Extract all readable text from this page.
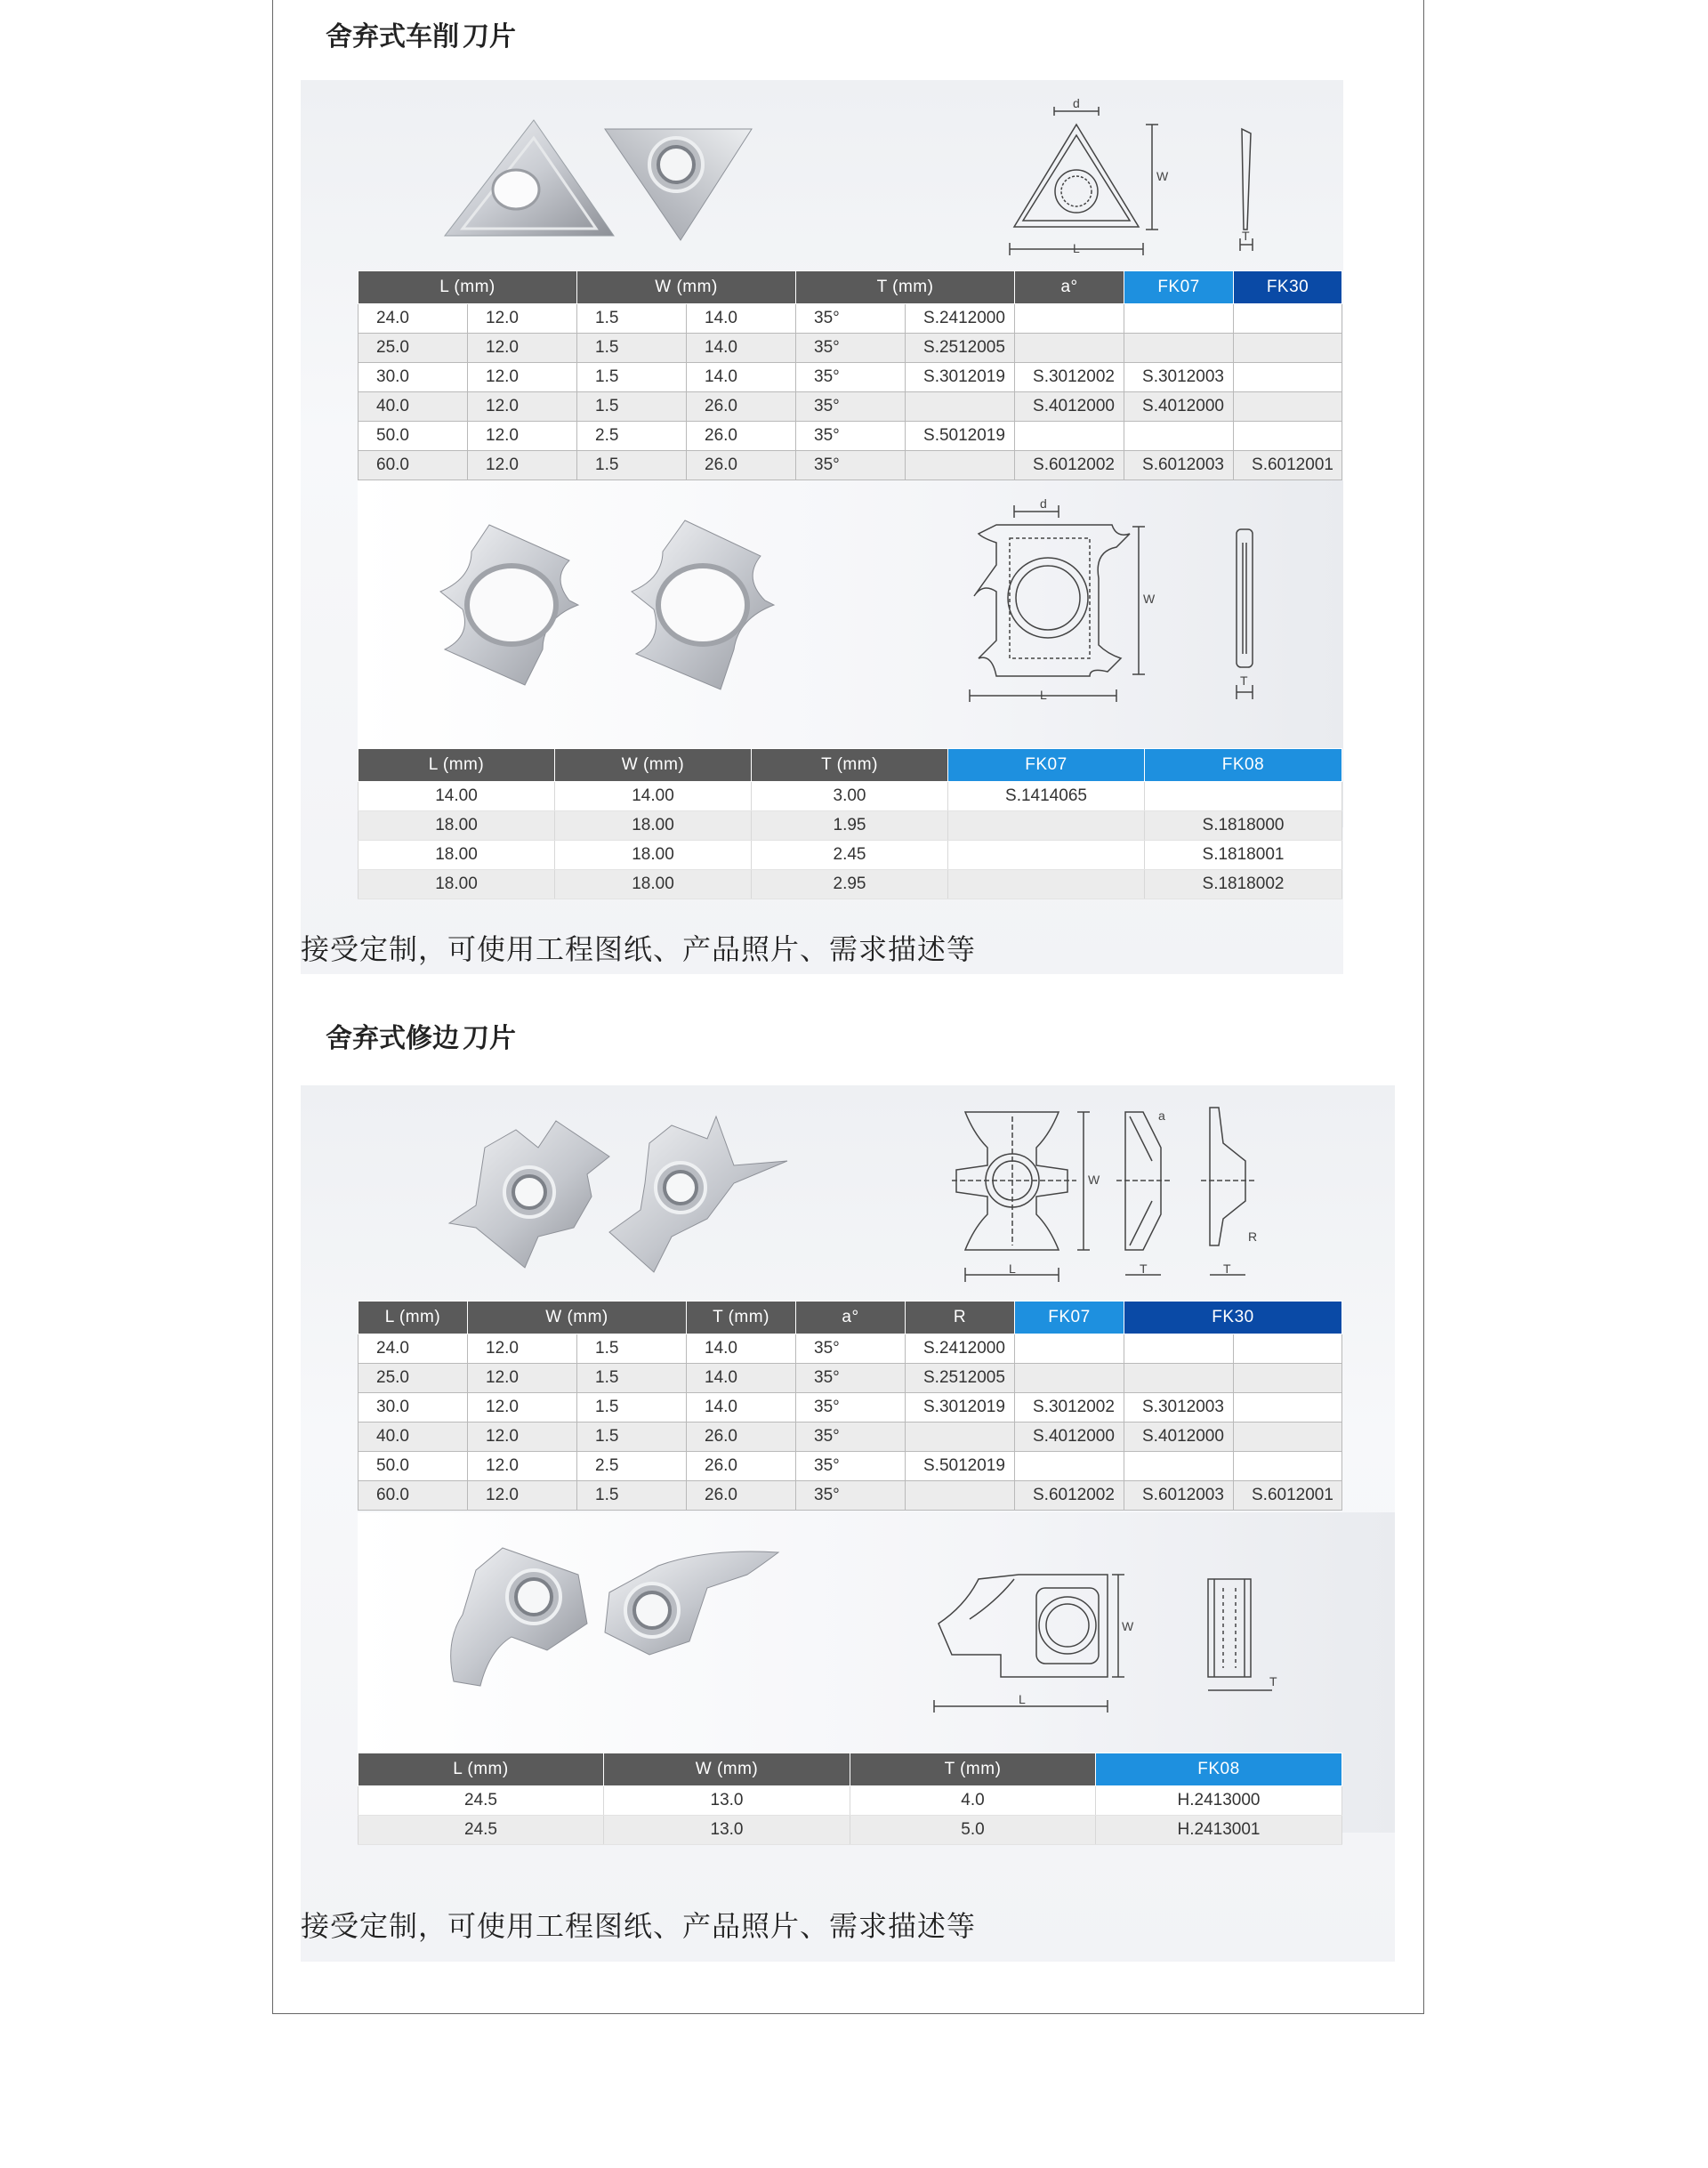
舍弃式车削 刀片
d
W
L
T
L (mm)		W (mm)		T (mm)		a°	FK07	FK30
24.0	12.0	1.5	14.0	35°	S.2412000			
25.0	12.0	1.5	14.0	35°	S.2512005			
30.0	12.0	1.5	14.0	35°	S.3012019	S.3012002	S.3012003	
40.0	12.0	1.5	26.0	35°		S.4012000	S.4012000	
50.0	12.0	2.5	26.0	35°	S.5012019			
60.0	12.0	1.5	26.0	35°		S.6012002	S.6012003	S.6012001
d
W
L
T
L (mm)	W (mm)	T (mm)	FK07	FK08
14.00	14.00	3.00	S.1414065	
18.00	18.00	1.95		S.1818000
18.00	18.00	2.45		S.1818001
18.00	18.00	2.95		S.1818002
接受定制，可使用工程图纸、产品照片、需求描述等
舍弃式修边 刀片
W
L	T
a
R
T
L (mm)	W (mm)		T (mm)	a°	R	FK07	FK30	
24.0	12.0	1.5	14.0	35°	S.2412000			
25.0	12.0	1.5	14.0	35°	S.2512005			
30.0	12.0	1.5	14.0	35°	S.3012019	S.3012002	S.3012003	
40.0	12.0	1.5	26.0	35°		S.4012000	S.4012000	
50.0	12.0	2.5	26.0	35°	S.5012019			
60.0	12.0	1.5	26.0	35°		S.6012002	S.6012003	S.6012001
W
L
T
L (mm)	W (mm)	T (mm)	FK08
24.5	13.0	4.0	H.2413000
24.5	13.0	5.0	H.2413001
接受定制，可使用工程图纸、产品照片、需求描述等
